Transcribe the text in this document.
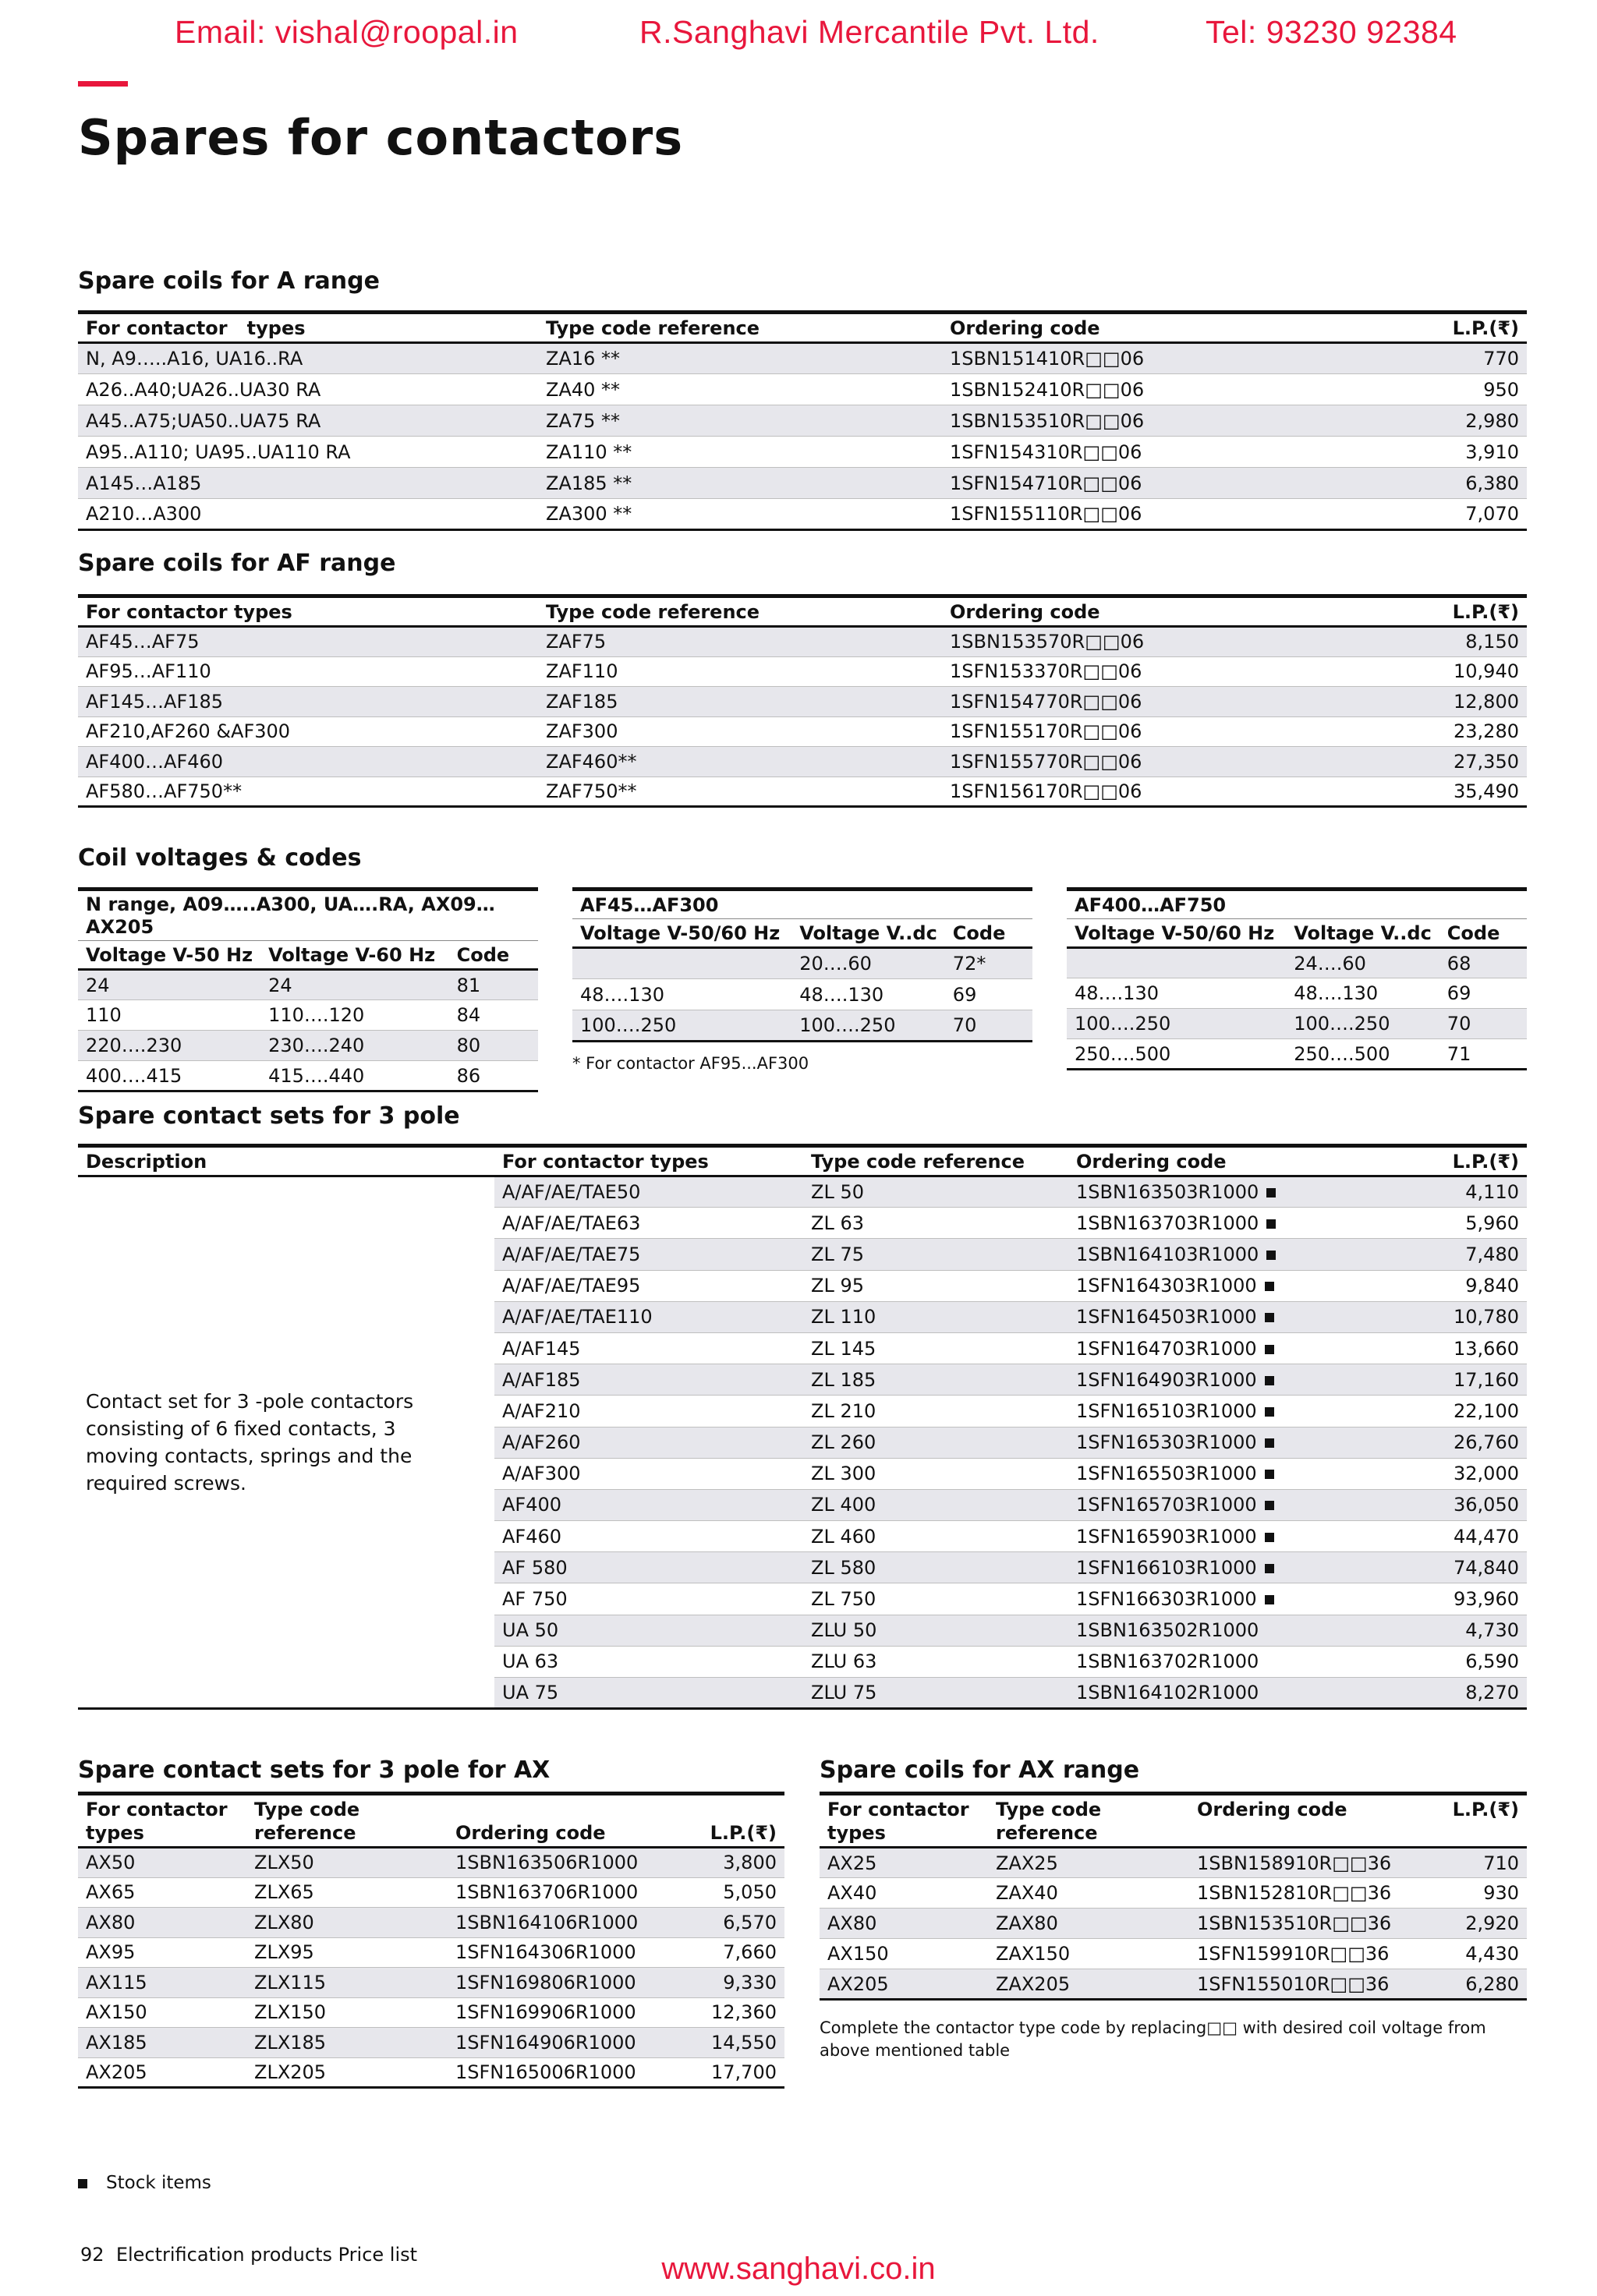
Email: vishal@roopal.in	R.Sanghavi Mercantile Pvt. Ltd.	Tel: 93230 92384
Spares for contactors
Spare coils for A range
For contactor   types	Type code reference	Ordering code	L.P.(₹)
N, A9…..A16, UA16..RA	ZA16 **	1SBN151410R□□06	770
A26..A40;UA26..UA30 RA	ZA40 **	1SBN152410R□□06	950
A45..A75;UA50..UA75 RA	ZA75 **	1SBN153510R□□06	2,980
A95..A110; UA95..UA110 RA	ZA110 **	1SFN154310R□□06	3,910
A145…A185	ZA185 **	1SFN154710R□□06	6,380
A210…A300	ZA300 **	1SFN155110R□□06	7,070
Spare coils for AF range
For contactor types	Type code reference	Ordering code	L.P.(₹)
AF45…AF75	ZAF75	1SBN153570R□□06	8,150
AF95…AF110	ZAF110	1SFN153370R□□06	10,940
AF145…AF185	ZAF185	1SFN154770R□□06	12,800
AF210,AF260 &AF300	ZAF300	1SFN155170R□□06	23,280
AF400…AF460	ZAF460**	1SFN155770R□□06	27,350
AF580…AF750**	ZAF750**	1SFN156170R□□06	35,490
Coil voltages & codes
N range, A09…..A300, UA….RA, AX09…AX205		
Voltage V-50 Hz	Voltage V-60 Hz	Code
24	24	81
110	110….120	84
220….230	230….240	80
400….415	415….440	86
AF45…AF300		
Voltage V-50/60 Hz	Voltage V..dc	Code
	20….60	72*
48….130	48….130	69
100….250	100….250	70
* For contactor AF95...AF300
AF400…AF750		
Voltage V-50/60 Hz	Voltage V..dc	Code
	24….60	68
48….130	48….130	69
100….250	100….250	70
250….500	250….500	71
Spare contact sets for 3 pole
Description	For contactor types	Type code reference	Ordering code	L.P.(₹)
Contact set for 3 -pole contactors consisting of 6 fixed contacts, 3 moving contacts, springs and the required screws.	A/AF/AE/TAE50	ZL 50	1SBN163503R1000	4,110
	A/AF/AE/TAE63	ZL 63	1SBN163703R1000	5,960
	A/AF/AE/TAE75	ZL 75	1SBN164103R1000	7,480
	A/AF/AE/TAE95	ZL 95	1SFN164303R1000	9,840
	A/AF/AE/TAE110	ZL 110	1SFN164503R1000	10,780
	A/AF145	ZL 145	1SFN164703R1000	13,660
	A/AF185	ZL 185	1SFN164903R1000	17,160
	A/AF210	ZL 210	1SFN165103R1000	22,100
	A/AF260	ZL 260	1SFN165303R1000	26,760
	A/AF300	ZL 300	1SFN165503R1000	32,000
	AF400	ZL 400	1SFN165703R1000	36,050
	AF460	ZL 460	1SFN165903R1000	44,470
	AF 580	ZL 580	1SFN166103R1000	74,840
	AF 750	ZL 750	1SFN166303R1000	93,960
	UA 50	ZLU 50	1SBN163502R1000	4,730
	UA 63	ZLU 63	1SBN163702R1000	6,590
	UA 75	ZLU 75	1SBN164102R1000	8,270
Spare contact sets for 3 pole for AX
For contactor types	Type code reference	Ordering code	L.P.(₹)
AX50	ZLX50	1SBN163506R1000	3,800
AX65	ZLX65	1SBN163706R1000	5,050
AX80	ZLX80	1SBN164106R1000	6,570
AX95	ZLX95	1SFN164306R1000	7,660
AX115	ZLX115	1SFN169806R1000	9,330
AX150	ZLX150	1SFN169906R1000	12,360
AX185	ZLX185	1SFN164906R1000	14,550
AX205	ZLX205	1SFN165006R1000	17,700
Spare coils for AX range
For contactor types	Type code reference	Ordering code	L.P.(₹)
AX25	ZAX25	1SBN158910R□□36	710
AX40	ZAX40	1SBN152810R□□36	930
AX80	ZAX80	1SBN153510R□□36	2,920
AX150	ZAX150	1SFN159910R□□36	4,430
AX205	ZAX205	1SFN155010R□□36	6,280
Complete the contactor type code by replacing□□ with desired coil voltage from above mentioned table
Stock items
92 Electrification products Price list	www.sanghavi.co.in
